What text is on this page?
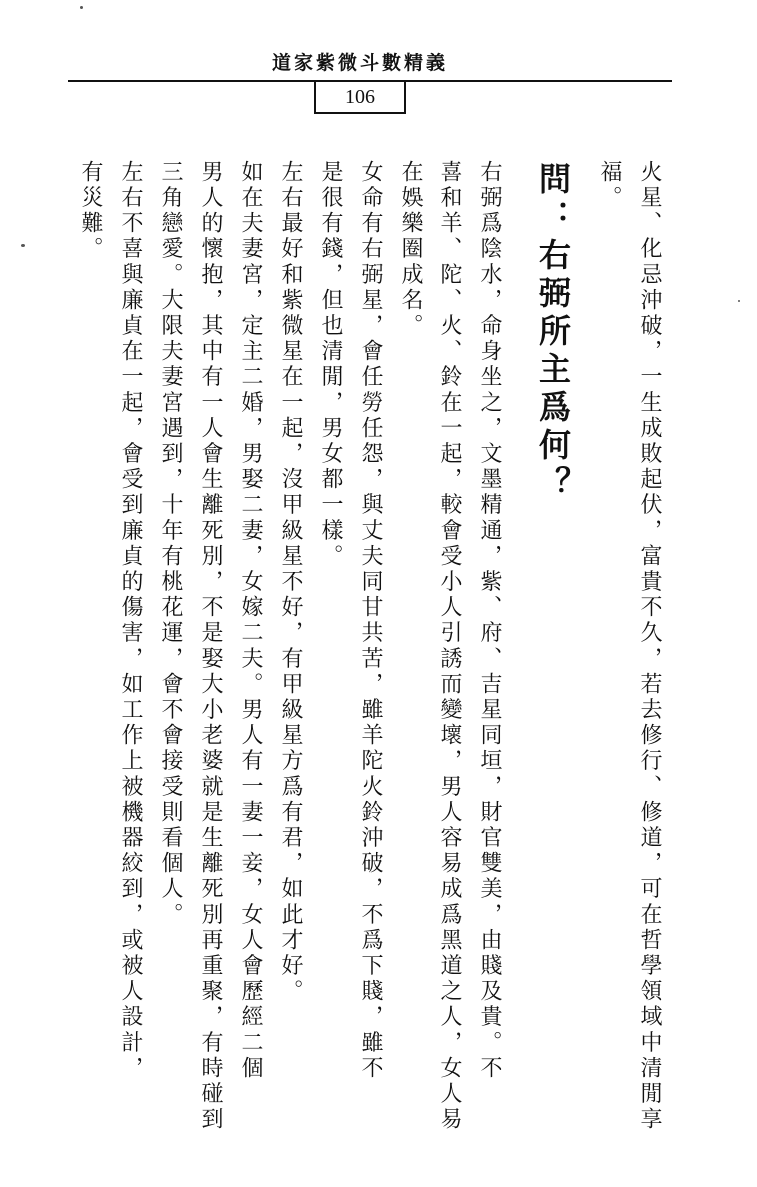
道家紫微斗數精義
106
火星、化忌沖破，一生成敗起伏，富貴不久，若去修行、修道，可在哲學領域中清閒享
福。
問：右弼所主爲何？
右弼爲陰水，命身坐之，文墨精通，紫、府、吉星同垣，財官雙美，由賤及貴。不
喜和羊、陀、火、鈴在一起，較會受小人引誘而變壞，男人容易成爲黑道之人，女人易
在娛樂圈成名。
女命有右弼星，會任勞任怨，與丈夫同甘共苦，雖羊陀火鈴沖破，不爲下賤，雖不
是很有錢，但也清閒，男女都一樣。
左右最好和紫微星在一起，沒甲級星不好，有甲級星方爲有君，如此才好。
如在夫妻宮，定主二婚，男娶二妻，女嫁二夫。男人有一妻一妾，女人會歷經二個
男人的懷抱，其中有一人會生離死別，不是娶大小老婆就是生離死別再重聚，有時碰到
三角戀愛。大限夫妻宮遇到，十年有桃花運，會不會接受則看個人。
左右不喜與廉貞在一起，會受到廉貞的傷害，如工作上被機器絞到，或被人設計，
有災難。
